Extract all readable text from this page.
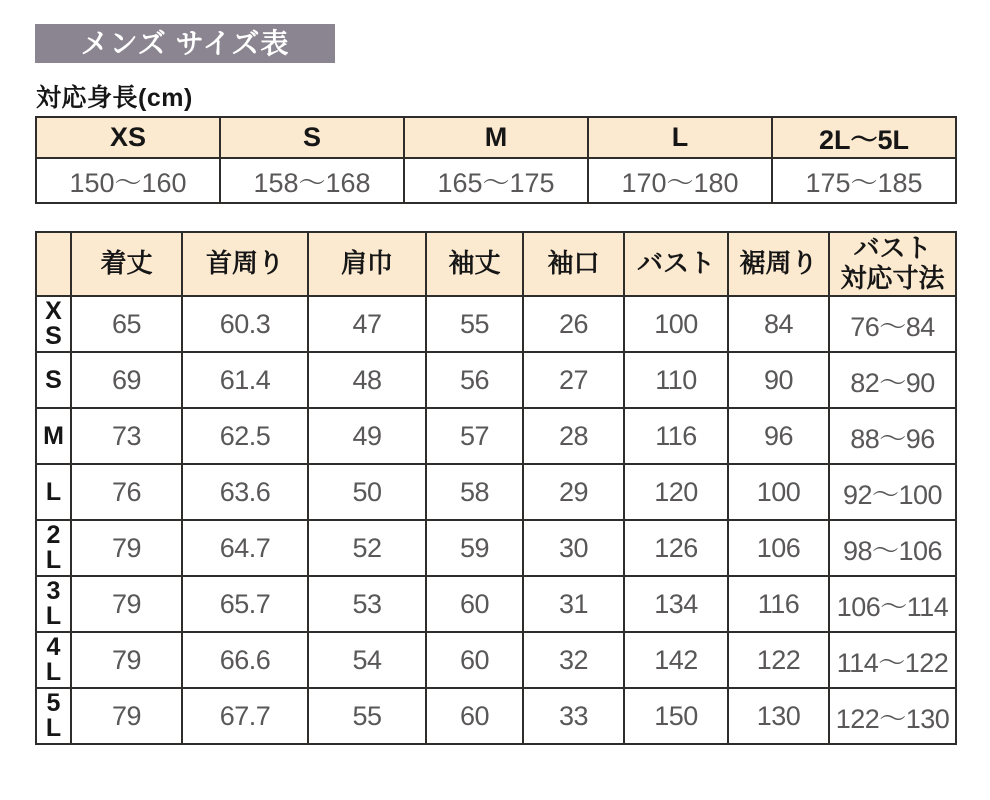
メンズ サイズ表
対応身長(cm)
XS	S	M	L	2L～5L
150～160	158～168	165～175	170～180	175～185
	着丈	首周り	肩巾	袖丈	袖口	バスト	裾周り	バスト
対応寸法
XS	65	60.3	47	55	26	100	84	76～84
S	69	61.4	48	56	27	110	90	82～90
M	73	62.5	49	57	28	116	96	88～96
L	76	63.6	50	58	29	120	100	92～100
2L	79	64.7	52	59	30	126	106	98～106
3L	79	65.7	53	60	31	134	116	106～114
4L	79	66.6	54	60	32	142	122	114～122
5L	79	67.7	55	60	33	150	130	122～130
